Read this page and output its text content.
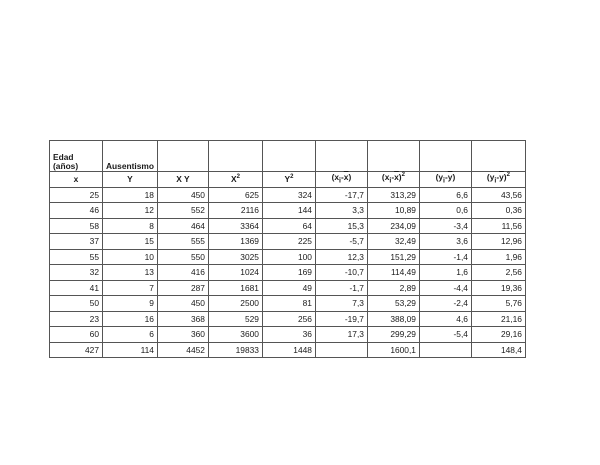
Edad
(años)	Ausentismo							
x	Y	X Y	$X^2$	$Y^2$	$(x_i-\overline{x})$	$(x_i-\overline{x})^2$	$(y_i-\overline{y})$	$(y_i-\overline{y})^2$
25	18	450	625	324	-17,7	313,29	6,6	43,56
46	12	552	2116	144	3,3	10,89	0,6	0,36
58	8	464	3364	64	15,3	234,09	-3,4	11,56
37	15	555	1369	225	-5,7	32,49	3,6	12,96
55	10	550	3025	100	12,3	151,29	-1,4	1,96
32	13	416	1024	169	-10,7	114,49	1,6	2,56
41	7	287	1681	49	-1,7	2,89	-4,4	19,36
50	9	450	2500	81	7,3	53,29	-2,4	5,76
23	16	368	529	256	-19,7	388,09	4,6	21,16
60	6	360	3600	36	17,3	299,29	-5,4	29,16
427	114	4452	19833	1448		1600,1		148,4
